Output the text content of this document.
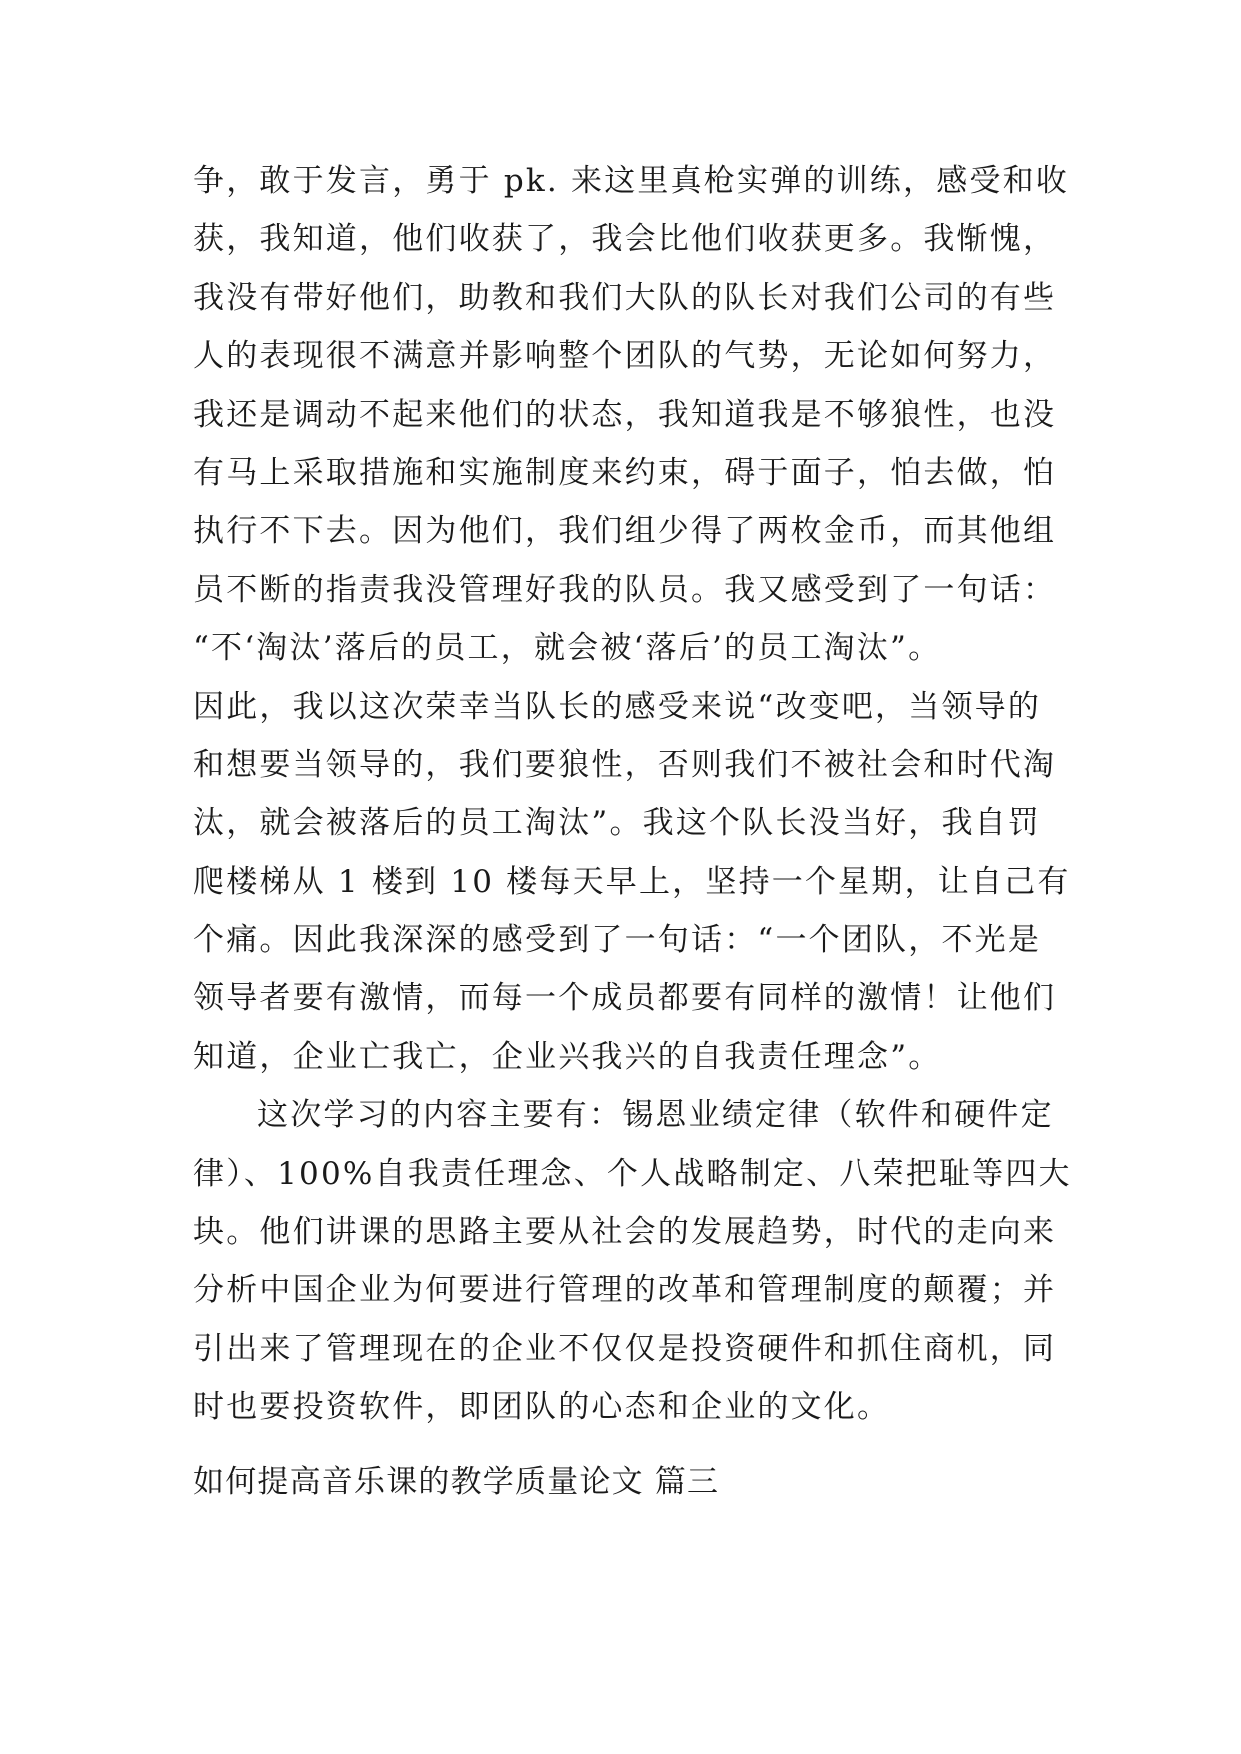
争，敢于发言，勇于 pk. 来这里真枪实弹的训练，感受和收
获，我知道，他们收获了，我会比他们收获更多。我惭愧，
我没有带好他们，助教和我们大队的队长对我们公司的有些
人的表现很不满意并影响整个团队的气势，无论如何努力，
我还是调动不起来他们的状态，我知道我是不够狼性，也没
有马上采取措施和实施制度来约束，碍于面子，怕去做，怕
执行不下去。因为他们，我们组少得了两枚金币，而其他组
员不断的指责我没管理好我的队员。我又感受到了一句话：
“不‘淘汰’落后的员工，就会被‘落后’的员工淘汰”。
因此，我以这次荣幸当队长的感受来说“改变吧，当领导的
和想要当领导的，我们要狼性，否则我们不被社会和时代淘
汰，就会被落后的员工淘汰”。我这个队长没当好，我自罚
爬楼梯从 1 楼到 10 楼每天早上，坚持一个星期，让自己有
个痛。因此我深深的感受到了一句话：“一个团队，不光是
领导者要有激情，而每一个成员都要有同样的激情！让他们
知道，企业亡我亡，企业兴我兴的自我责任理念”。
这次学习的内容主要有：锡恩业绩定律（软件和硬件定
律）、100%自我责任理念、个人战略制定、八荣把耻等四大
块。他们讲课的思路主要从社会的发展趋势，时代的走向来
分析中国企业为何要进行管理的改革和管理制度的颠覆；并
引出来了管理现在的企业不仅仅是投资硬件和抓住商机，同
时也要投资软件，即团队的心态和企业的文化。
如何提高音乐课的教学质量论文 篇三
